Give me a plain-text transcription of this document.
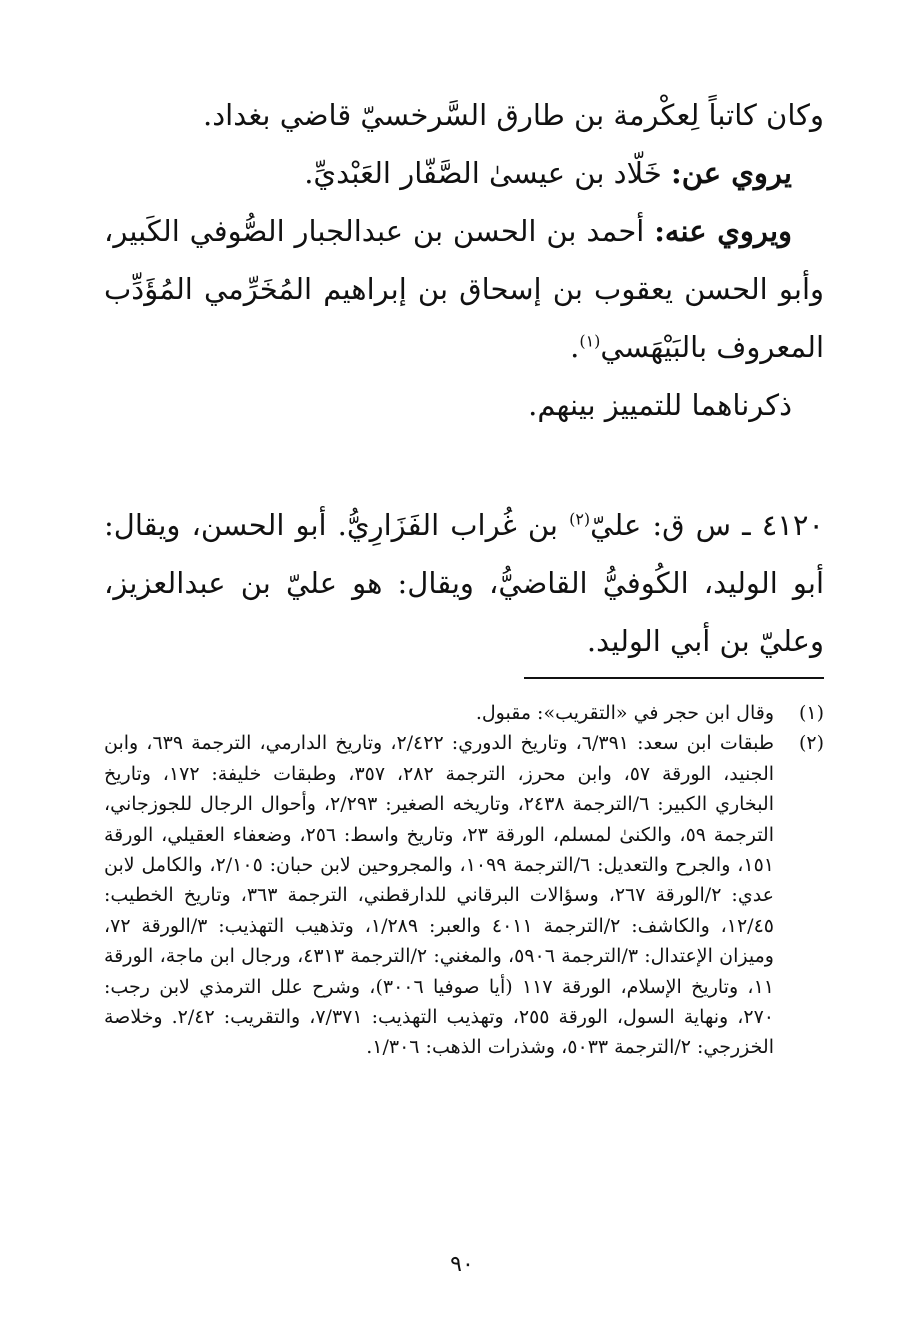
وكان كاتباً لِعكْرمة بن طارق السَّرخسيّ قاضي بغداد.

يروي عن: خَلّاد بن عيسىٰ الصَّفّار العَبْديِّ.

ويروي عنه: أحمد بن الحسن بن عبدالجبار الصُّوفي الكَبير، وأبو الحسن يعقوب بن إسحاق بن إبراهيم المُخَرِّمي المُؤَدِّب المعروف بالبَيْهَسي$^{(١)}$.

ذكرناهما للتمييز بينهم.

٤١٢٠ ـ س ق: عليّ$^{(٢)}$ بن غُراب الفَزَارِيُّ. أبو الحسن، ويقال: أبو الوليد، الكُوفيُّ القاضيُّ، ويقال: هو عليّ بن عبدالعزيز، وعليّ بن أبي الوليد.

(١)
وقال ابن حجر في «التقريب»: مقبول.
(٢)
طبقات ابن سعد: ٦/٣٩١، وتاريخ الدوري: ٢/٤٢٢، وتاريخ الدارمي، الترجمة ٦٣٩، وابن الجنيد، الورقة ٥٧، وابن محرز، الترجمة ٢٨٢، ٣٥٧، وطبقات خليفة: ١٧٢، وتاريخ البخاري الكبير: ٦/الترجمة ٢٤٣٨، وتاريخه الصغير: ٢/٢٩٣، وأحوال الرجال للجوزجاني، الترجمة ٥٩، والكنىٰ لمسلم، الورقة ٢٣، وتاريخ واسط: ٢٥٦، وضعفاء العقيلي، الورقة ١٥١، والجرح والتعديل: ٦/الترجمة ١٠٩٩، والمجروحين لابن حبان: ٢/١٠٥، والكامل لابن عدي: ٢/الورقة ٢٦٧، وسؤالات البرقاني للدارقطني، الترجمة ٣٦٣، وتاريخ الخطيب: ١٢/٤٥، والكاشف: ٢/الترجمة ٤٠١١ والعبر: ١/٢٨٩، وتذهيب التهذيب: ٣/الورقة ٧٢، وميزان الإعتدال: ٣/الترجمة ٥٩٠٦، والمغني: ٢/الترجمة ٤٣١٣، ورجال ابن ماجة، الورقة ١١، وتاريخ الإسلام، الورقة ١١٧ (أيا صوفيا ٣٠٠٦)، وشرح علل الترمذي لابن رجب: ٢٧٠، ونهاية السول، الورقة ٢٥٥، وتهذيب التهذيب: ٧/٣٧١، والتقريب: ٢/٤٢. وخلاصة الخزرجي: ٢/الترجمة ٥٠٣٣، وشذرات الذهب: ١/٣٠٦.
٩٠
